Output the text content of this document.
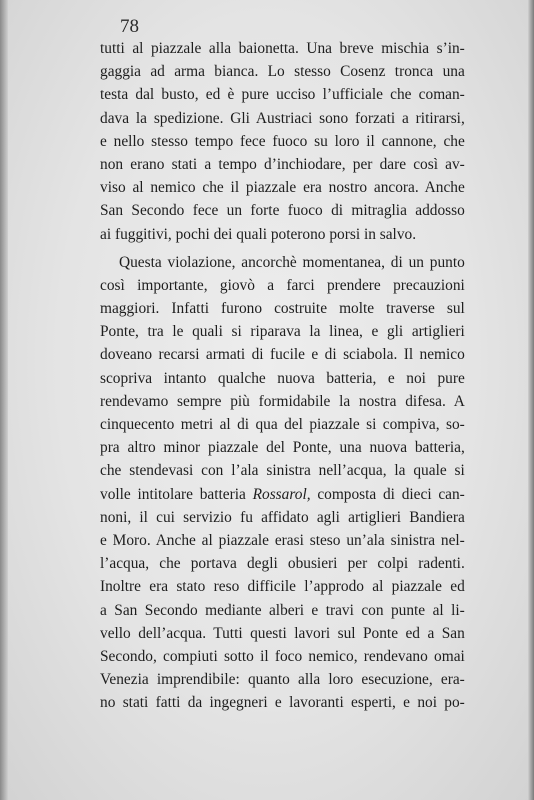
78
tutti al piazzale alla baionetta. Una breve mischia s’in-
gaggia ad arma bianca. Lo stesso Cosenz tronca una
testa dal busto, ed è pure ucciso l’ufficiale che coman-
dava la spedizione. Gli Austriaci sono forzati a ritirarsi,
e nello stesso tempo fece fuoco su loro il cannone, che
non erano stati a tempo d’inchiodare, per dare così av-
viso al nemico che il piazzale era nostro ancora. Anche
San Secondo fece un forte fuoco di mitraglia addosso
ai fuggitivi, pochi dei quali poterono porsi in salvo.
Questa violazione, ancorchè momentanea, di un punto
così importante, giovò a farci prendere precauzioni
maggiori. Infatti furono costruite molte traverse sul
Ponte, tra le quali si riparava la linea, e gli artiglieri
doveano recarsi armati di fucile e di sciabola. Il nemico
scopriva intanto qualche nuova batteria, e noi pure
rendevamo sempre più formidabile la nostra difesa. A
cinquecento metri al di qua del piazzale si compiva, so-
pra altro minor piazzale del Ponte, una nuova batteria,
che stendevasi con l’ala sinistra nell’acqua, la quale si
volle intitolare batteria Rossarol, composta di dieci can-
noni, il cui servizio fu affidato agli artiglieri Bandiera
e Moro. Anche al piazzale erasi steso un’ala sinistra nel-
l’acqua, che portava degli obusieri per colpi radenti.
Inoltre era stato reso difficile l’approdo al piazzale ed
a San Secondo mediante alberi e travi con punte al li-
vello dell’acqua. Tutti questi lavori sul Ponte ed a San
Secondo, compiuti sotto il foco nemico, rendevano omai
Venezia imprendibile: quanto alla loro esecuzione, era-
no stati fatti da ingegneri e lavoranti esperti, e noi po-
